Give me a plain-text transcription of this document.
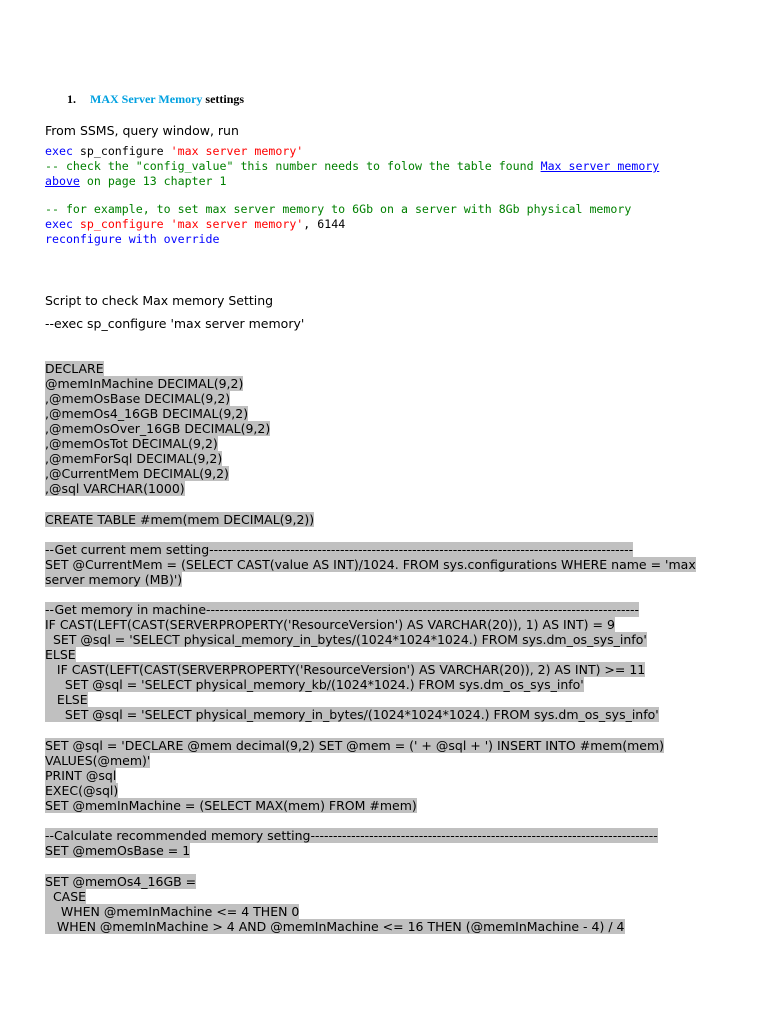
1. MAX Server Memory settings
From SSMS, query window, run
exec sp_configure 'max server memory'
-- check the "config_value" this number needs to folow the table found Max server memory
above on page 13 chapter 1
-- for example, to set max server memory to 6Gb on a server with 8Gb physical memory
exec sp_configure 'max server memory', 6144
reconfigure with override
Script to check Max memory Setting
--exec sp_configure 'max server memory'
DECLARE
@memInMachine DECIMAL(9,2)
,@memOsBase DECIMAL(9,2)
,@memOs4_16GB DECIMAL(9,2)
,@memOsOver_16GB DECIMAL(9,2)
,@memOsTot DECIMAL(9,2)
,@memForSql DECIMAL(9,2)
,@CurrentMem DECIMAL(9,2)
,@sql VARCHAR(1000)
CREATE TABLE #mem(mem DECIMAL(9,2))
--Get current mem setting----------------------------------------------------------------------------------------------
SET @CurrentMem = (SELECT CAST(value AS INT)/1024. FROM sys.configurations WHERE name = 'max
server memory (MB)')
--Get memory in machine------------------------------------------------------------------------------------------------
IF CAST(LEFT(CAST(SERVERPROPERTY('ResourceVersion') AS VARCHAR(20)), 1) AS INT) = 9
SET @sql = 'SELECT physical_memory_in_bytes/(1024*1024*1024.) FROM sys.dm_os_sys_info'
ELSE
IF CAST(LEFT(CAST(SERVERPROPERTY('ResourceVersion') AS VARCHAR(20)), 2) AS INT) >= 11
SET @sql = 'SELECT physical_memory_kb/(1024*1024.) FROM sys.dm_os_sys_info'
ELSE
SET @sql = 'SELECT physical_memory_in_bytes/(1024*1024*1024.) FROM sys.dm_os_sys_info'
SET @sql = 'DECLARE @mem decimal(9,2) SET @mem = (' + @sql + ') INSERT INTO #mem(mem)
VALUES(@mem)'
PRINT @sql
EXEC(@sql)
SET @memInMachine = (SELECT MAX(mem) FROM #mem)
--Calculate recommended memory setting-----------------------------------------------------------------------------
SET @memOsBase = 1
SET @memOs4_16GB =
CASE
WHEN @memInMachine <= 4 THEN 0
WHEN @memInMachine > 4 AND @memInMachine <= 16 THEN (@memInMachine - 4) / 4
